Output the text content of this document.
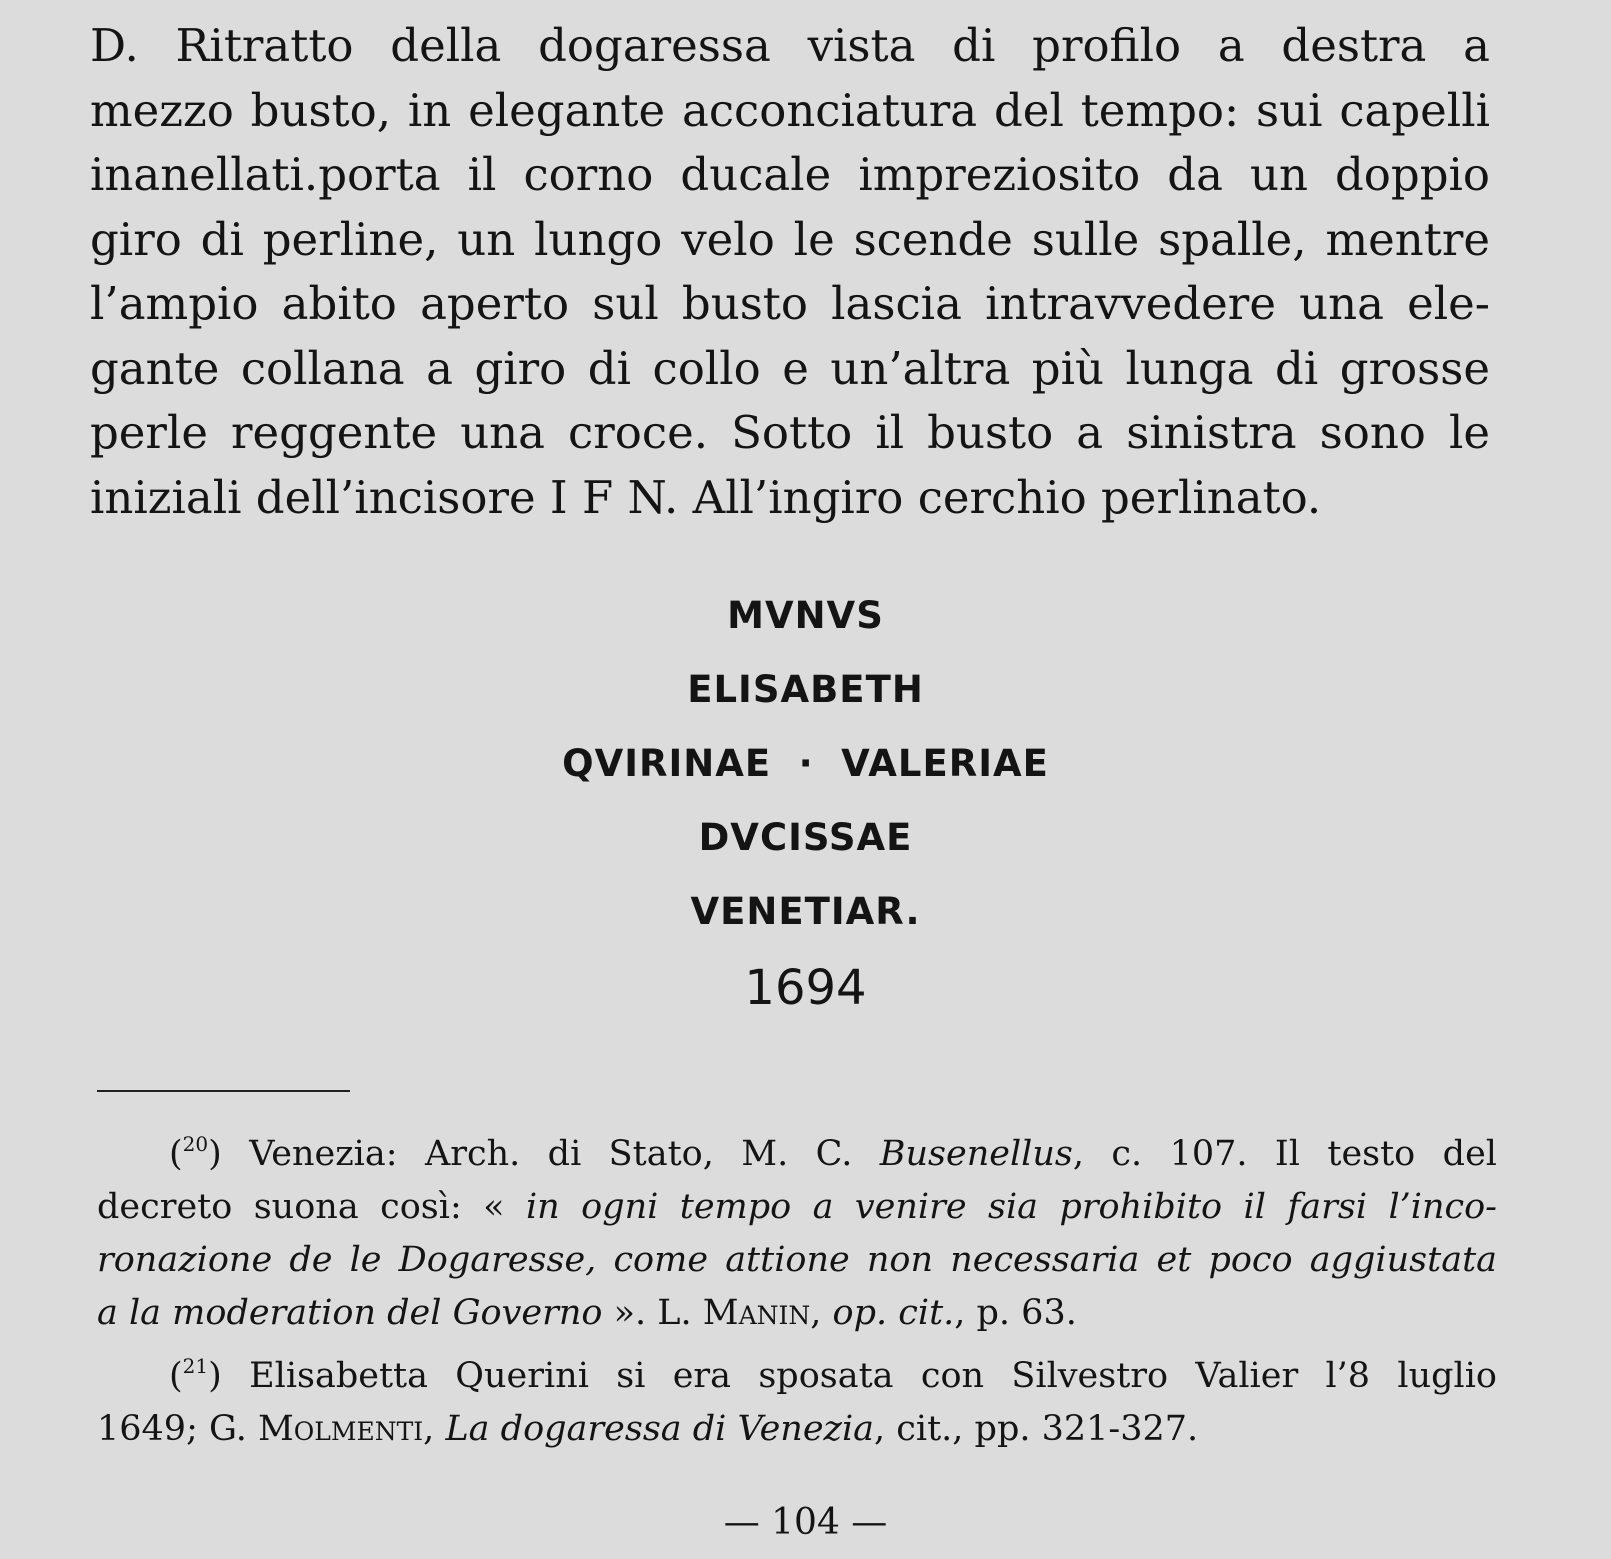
D. Ritratto della dogaressa vista di profilo a destra a
mezzo busto, in elegante acconciatura del tempo: sui capelli
inanellati.porta il corno ducale impreziosito da un doppio
giro di perline, un lungo velo le scende sulle spalle, mentre
l’ampio abito aperto sul busto lascia intravvedere una ele-
gante collana a giro di collo e un’altra più lunga di grosse
perle reggente una croce. Sotto il busto a sinistra sono le
iniziali dell’incisore I F N. All’ingiro cerchio perlinato.
MVNVS
ELISABETH
QVIRINAE · VALERIAE
DVCISSAE
VENETIAR.
1694
($^{20}$) Venezia: Arch. di Stato, M. C. Busenellus, c. 107. Il testo del
decreto suona così: « in ogni tempo a venire sia prohibito il farsi l’inco-
ronazione de le Dogaresse, come attione non necessaria et poco aggiustata
a la moderation del Governo ». L. Manin, op. cit., p. 63.
($^{21}$) Elisabetta Querini si era sposata con Silvestro Valier l’8 luglio
1649; G. Molmenti, La dogaressa di Venezia, cit., pp. 321-327.
— 104 —
